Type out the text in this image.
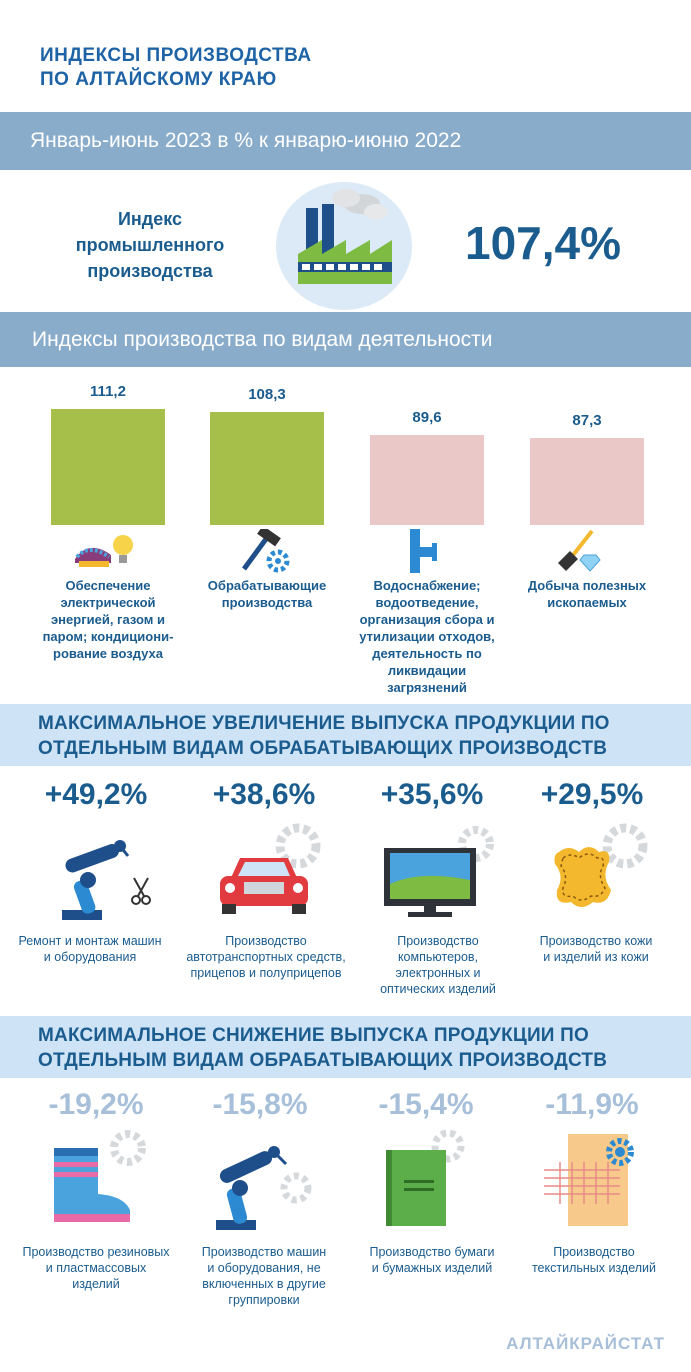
ИНДЕКСЫ ПРОИЗВОДСТВА
ПО АЛТАЙСКОМУ КРАЮ
Январь-июнь 2023 в % к январю-июню 2022
Индекс
промышленного
производства
107,4%
Индексы производства по видам деятельности
111,2
Обеспечение
электрической
энергией, газом и
паром; кондициони-
рование воздуха
108,3
Обрабатывающие
производства
89,6
Водоснабжение;
водоотведение,
организация сбора и
утилизации отходов,
деятельность по
ликвидации
загрязнений
87,3
Добыча полезных
ископаемых
МАКСИМАЛЬНОЕ УВЕЛИЧЕНИЕ ВЫПУСКА ПРОДУКЦИИ ПО
ОТДЕЛЬНЫМ ВИДАМ ОБРАБАТЫВАЮЩИХ ПРОИЗВОДСТВ
+49,2%	+38,6%	+35,6%	+29,5%
Ремонт и монтаж машин
и оборудования
Производство
автотранспортных средств,
прицепов и полуприцепов
Производство
компьютеров,
электронных и
оптических изделий
Производство кожи
и изделий из кожи
МАКСИМАЛЬНОЕ СНИЖЕНИЕ ВЫПУСКА ПРОДУКЦИИ ПО
ОТДЕЛЬНЫМ ВИДАМ ОБРАБАТЫВАЮЩИХ ПРОИЗВОДСТВ
-19,2%	-15,8%	-15,4%	-11,9%
Производство резиновых
и пластмассовых
изделий
Производство машин
и оборудования, не
включенных в другие
группировки
Производство бумаги
и бумажных изделий
Производство
текстильных изделий
АЛТАЙКРАЙСТАТ
